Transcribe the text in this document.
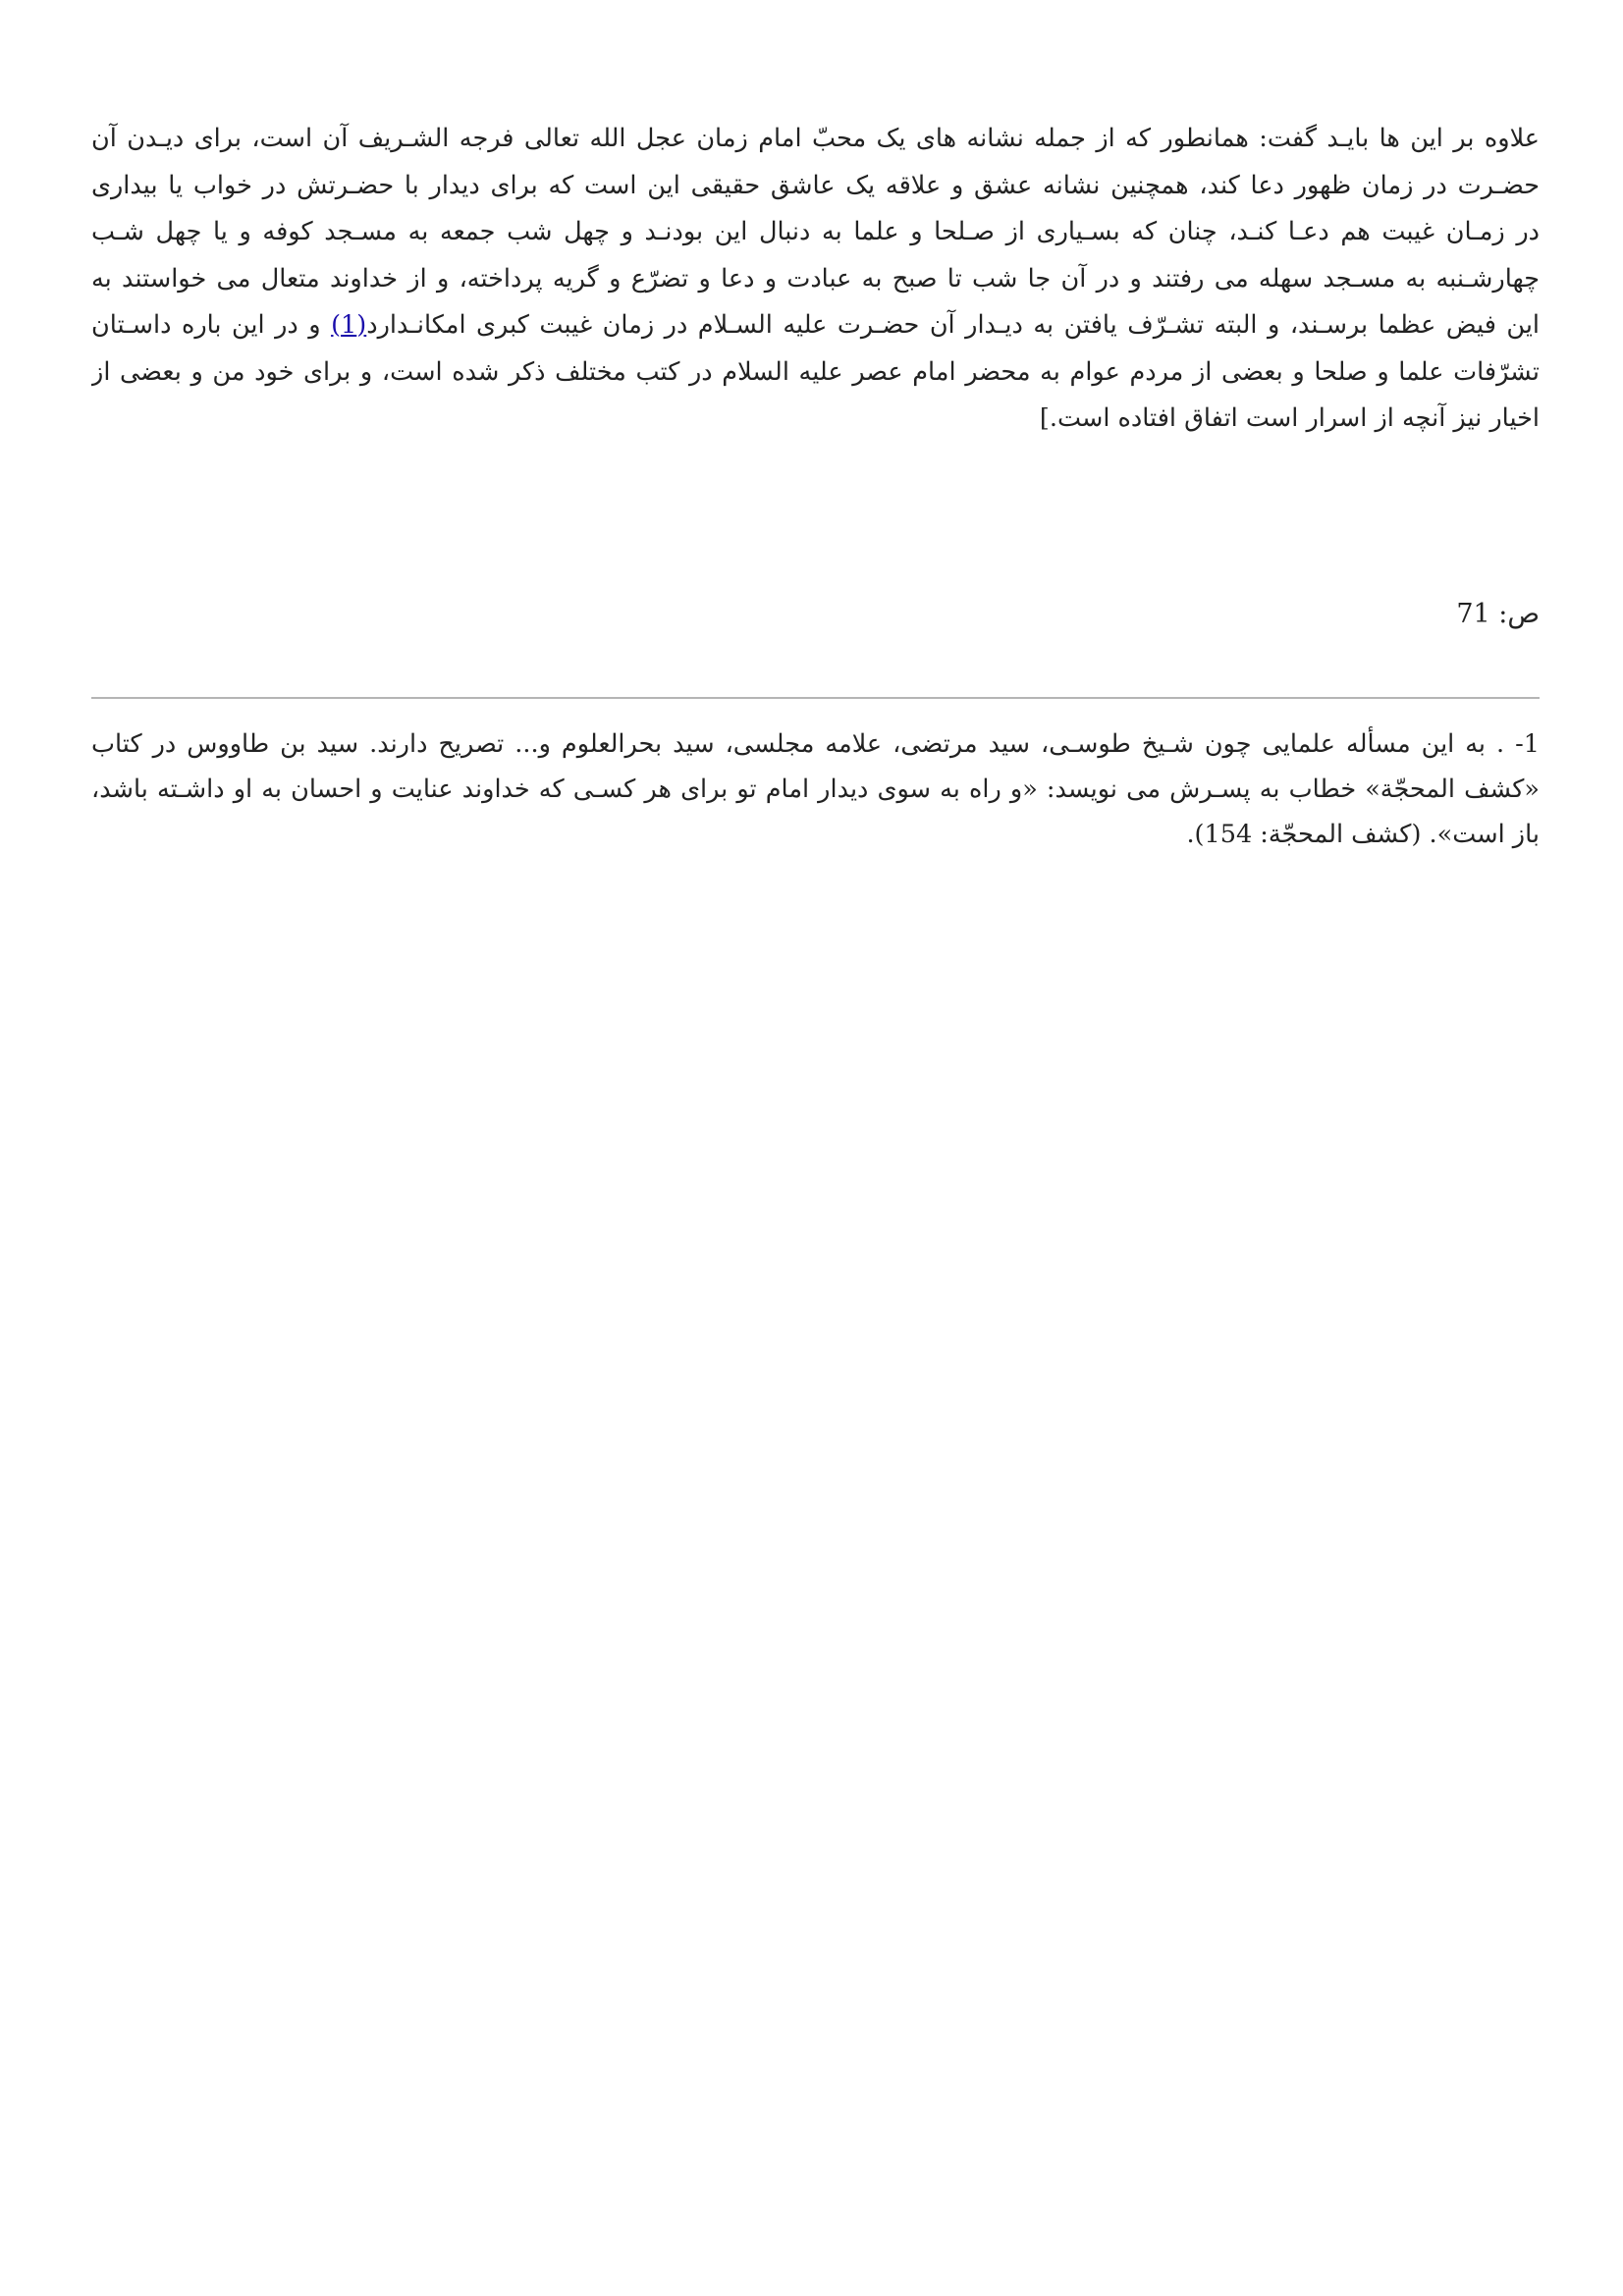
علاوه بر این ها بایـد گفت: همانطور که از جمله نشانه های یک محبّ امام زمان عجل الله تعالی فرجه الشـریف آن است، برای دیـدن آن
حضـرت در زمان ظهور دعا کند، همچنین نشانه عشق و علاقه یک عاشق حقیقی این است که برای دیدار با حضـرتش در خواب یا بیداری
در زمـان غیبت هم دعـا کنـد، چنان که بسـیاری از صـلحا و علما به دنبال این بودنـد و چهل شب جمعه به مسـجد کوفه و یا چهل شـب
چهارشـنبه به مسـجد سهله می رفتند و در آن جا شب تا صبح به عبادت و دعا و تضرّع و گریه پرداخته، و از خداوند متعال می خواستند به
این فیض عظما برسـند، و البته تشـرّف یافتن به دیـدار آن حضـرت علیه السـلام در زمان غیبت کبری امکانـدارد(1) و در این باره داسـتان
تشرّفات علما و صلحا و بعضی از مردم عوام به محضر امام عصر علیه السلام در کتب مختلف ذکر شده است، و برای خود من و بعضی از
اخیار نیز آنچه از اسرار است اتفاق افتاده است.]

ص: 71

1- . به این مسأله علمایی چون شـیخ طوسـی، سید مرتضی، علامه مجلسی، سید بحرالعلوم و... تصریح دارند. سید بن طاووس در کتاب
«کشف المحجّة» خطاب به پسـرش می نویسد: «و راه به سوی دیدار امام تو برای هر کسـی که خداوند عنایت و احسان به او داشـته باشد،
باز است». (کشف المحجّة: 154).
